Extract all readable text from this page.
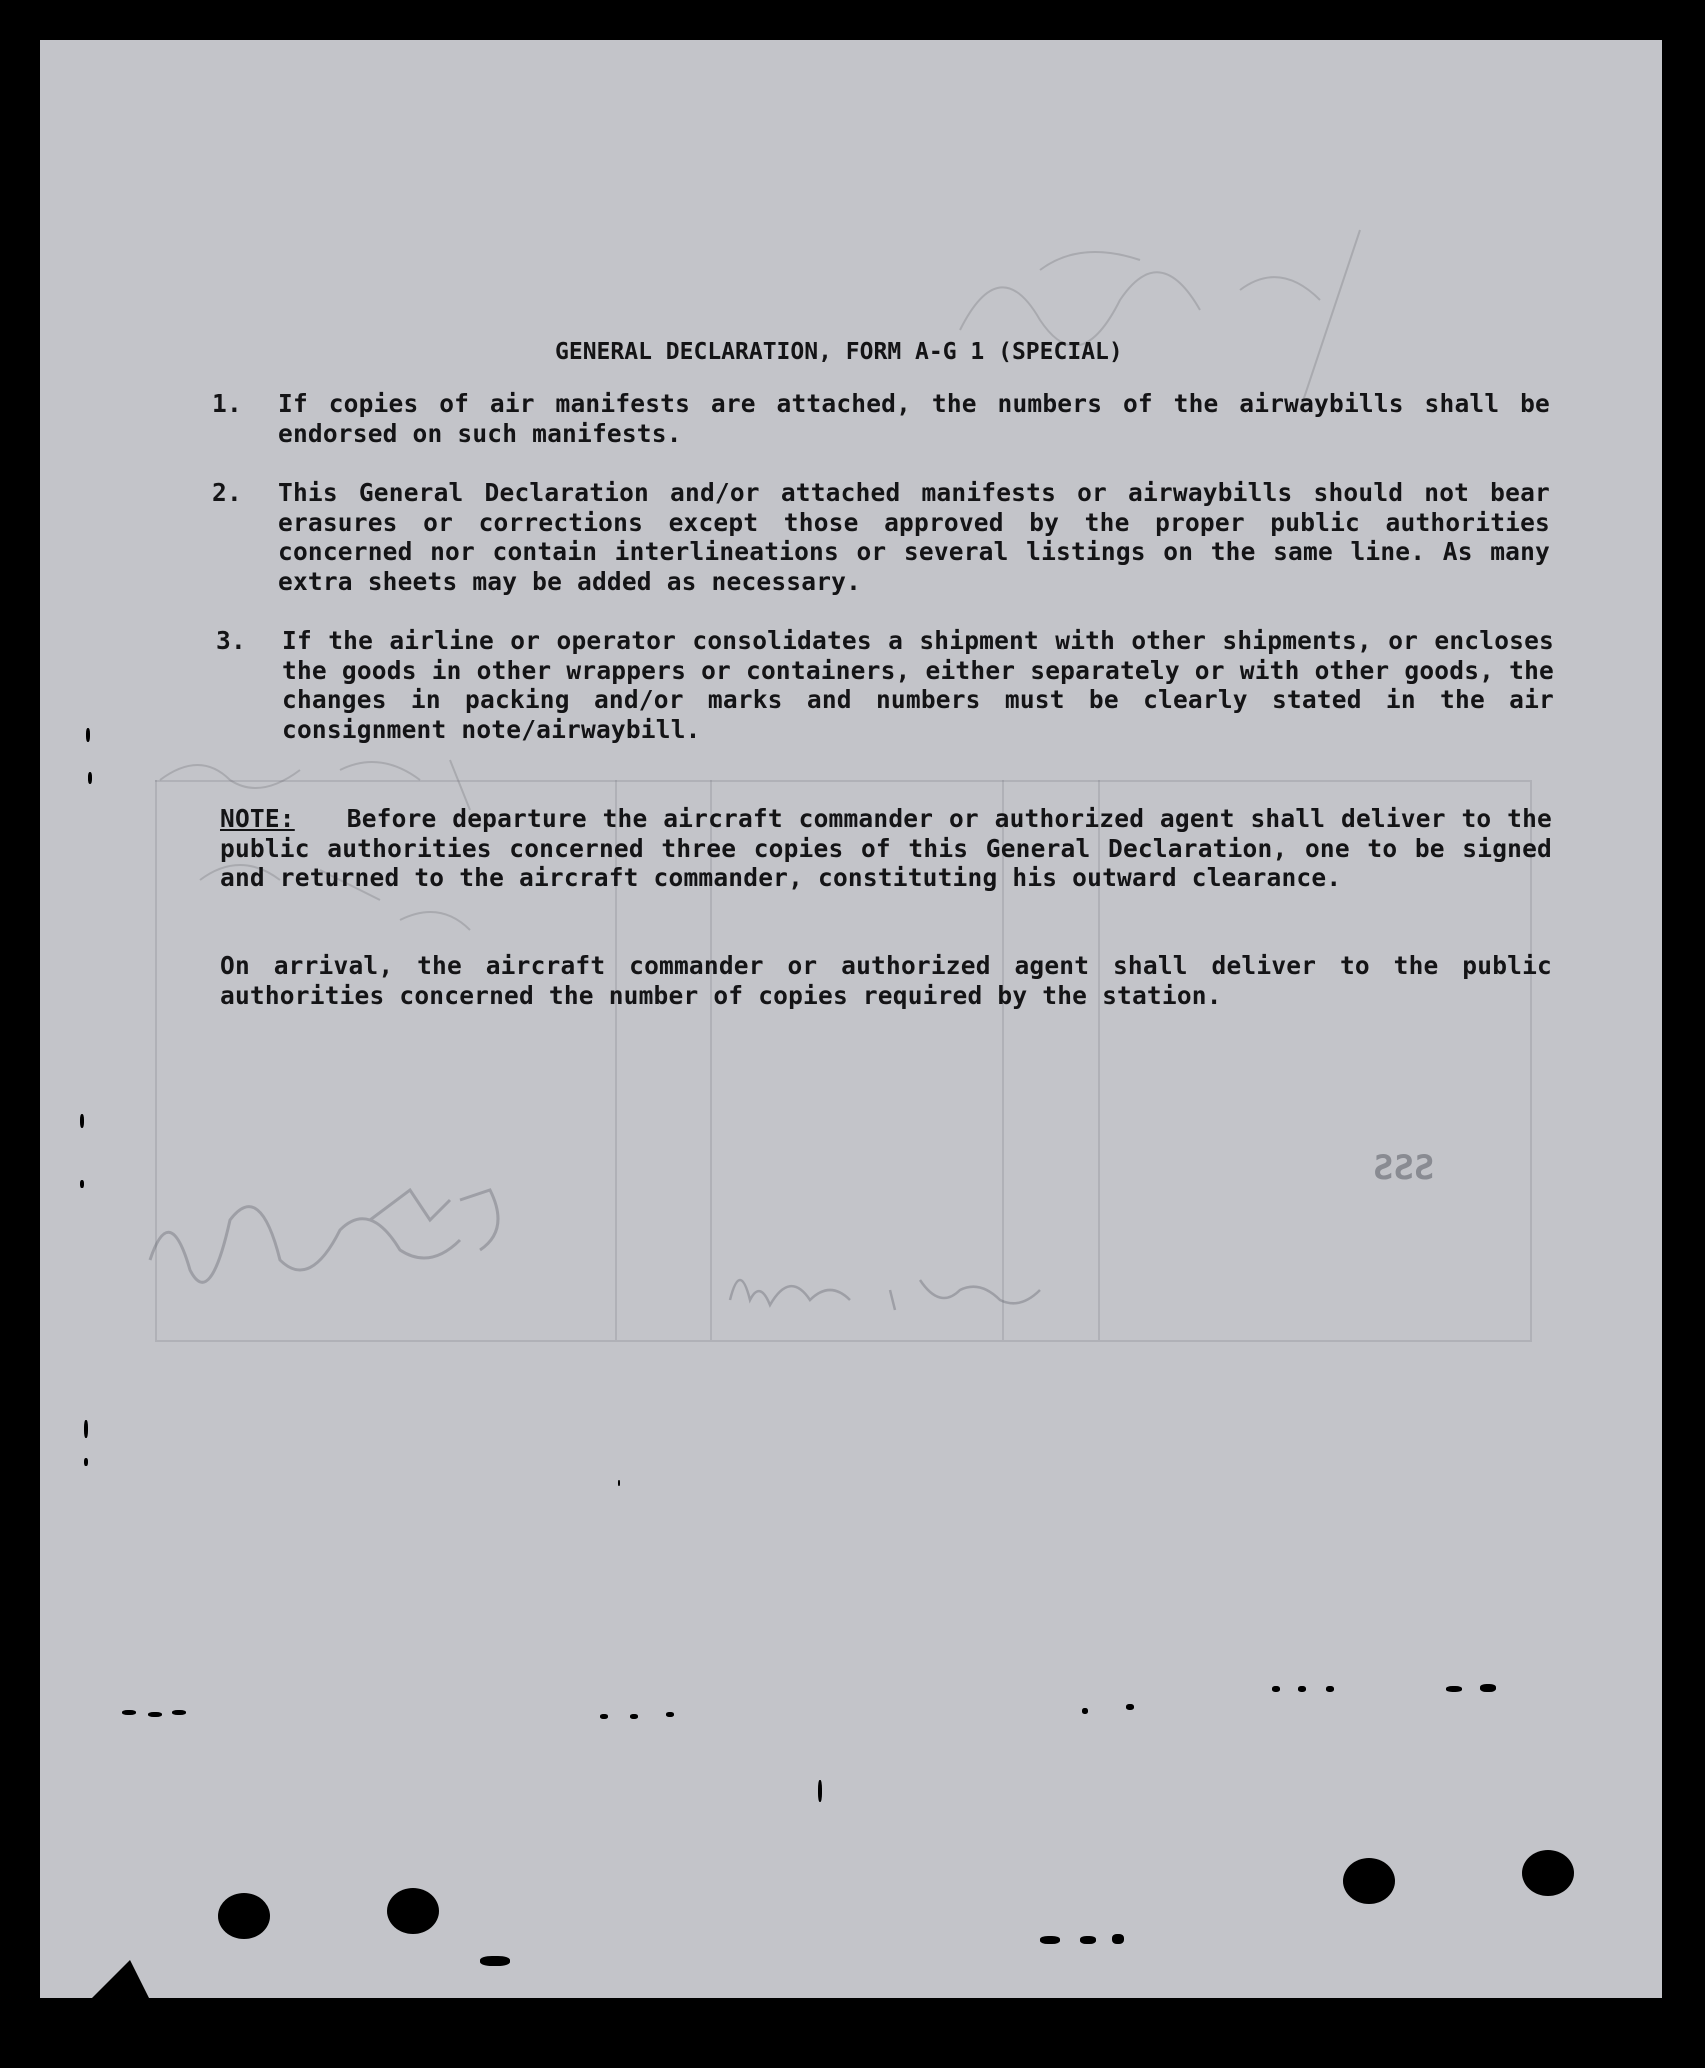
SSS
GENERAL DECLARATION, FORM A-G 1 (SPECIAL)
1.	If copies of air manifests are attached, the numbers of the airwaybills shall be endorsed on such manifests.
2.	This General Declaration and/or attached manifests or airwaybills should not bear erasures or corrections except those approved by the proper public authorities concerned nor contain interlineations or several listings on the same line. As many extra sheets may be added as necessary.
3.	If the airline or operator consolidates a shipment with other shipments, or encloses the goods in other wrappers or containers, either separately or with other goods, the changes in packing and/or marks and numbers must be clearly stated in the air consignment note/airwaybill.
NOTE: Before departure the aircraft commander or authorized agent shall deliver to the public authorities concerned three copies of this General Declaration, one to be signed and returned to the aircraft commander, constituting his outward clearance.
On arrival, the aircraft commander or authorized agent shall deliver to the public authorities concerned the number of copies required by the station.
